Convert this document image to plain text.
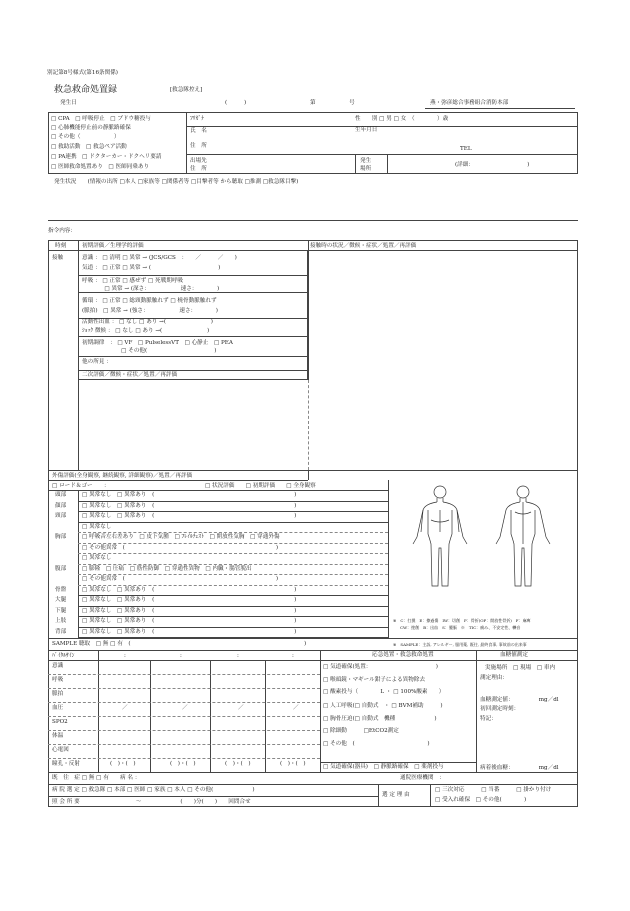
別記第8号様式(第16条関係)
救急救命処置録	[救急隊控え]
発生日	(　　　)	第　　　　　　号	燕・弥彦総合事務組合消防本部
□ CPA　□ 呼吸停止　□ ブドウ糖投与
□ 心肺機能停止前の静脈路確保
□ その他（　　　　　　）
□ 救助活動　□ 救急ペア活動
□ PA連携　□ ドクターカー・ドクヘリ要請
□ 医師救命処置あり　□ 医師同乗あり
ﾌﾘｶﾞﾅ
氏　名
住　所
出場先
住　所
性　　別 □ 男 □ 女　（　　　　）歳
生年月日
TEL
発生
場所
(詳細：　　　　　　　　　　)
発生状況　　(情報の出所 □本人 □家族等 □関係者等 □目撃者等 から聴取 □推測 □救急隊目撃)
指令内容：
時刻	初期評価／生理学的評価	接触時の状況／徴候・症状／処置／再評価
接触	意識 ： □ 清明 □ 異常 → (JCS/GCS　：　　／　　　／　　)
気道 ： □ 正常 □ 異常 → (　　　　　　　　　　　　)
呼吸 ： □ 正常 □ 感ぜず □ 死戦期呼吸
　　　　□ 異常 → (深さ：　　　　　　速さ：　　　　)
循環 ： □ 正常 □ 総頸動脈触れず □ 橈骨動脈触れず
(脈拍)　□ 異常 → (強さ：　　　　　　速さ：　　　　)
活動性出血 ： □ なし □ あり →(　　　　　　　　)
ｼｮｯｸ 徴候 ： □ なし □ あり →(　　　　　　　　)
初期調律　： □ VF　□ PulselessVT　□ 心静止　□ PEA
　　　　　　　□ その他(　　　　　　　　　　　　)
他の所見 ：
二次評価／徴候・症状／処置／再評価
外傷評価(全身観察, 継続観察, 詳細観察)／処置／再評価
□ ロード＆ゴー　　：	□ 状況評価　　□ 初期評価　　□ 全身観察
頭部	□ 異常なし　□ 異常あり　(　　　　　　　　　　　　　　　　　　　　　　　　　)
顔部	□ 異常なし　□ 異常あり　(　　　　　　　　　　　　　　　　　　　　　　　　　)
頸部	□ 異常なし　□ 異常あり　(　　　　　　　　　　　　　　　　　　　　　　　　　)
□ 異常なし
胸部	□ 呼吸音左右差あり　□ 皮下気腫　□ ﾌﾚｲﾙﾁｪｽﾄ　□ 開放性気胸　□ 穿通外傷
□ その他異常　(　　　　　　　　　　　　　　　　　　　　　　　　　　　)
□ 異常なし
腹部	□ 膨隆　□ 圧痛　□ 筋性防御　□ 穿通性異物　□ 内臓・腸管脱出
□ その他異常　(　　　　　　　　　　　　　　　　　　　　　　　　　　　)
骨盤	□ 異常なし　□ 異常あり　(　　　　　　　　　　　　　　　　　　　　　　　　　)
大腿	□ 異常なし　□ 異常あり　(　　　　　　　　　　　　　　　　　　　　　　　　　)
下腿	□ 異常なし　□ 異常あり　(　　　　　　　　　　　　　　　　　　　　　　　　　)
上肢	□ 異常なし　□ 異常あり　(　　　　　　　　　　　　　　　　　　　　　　　　　)
背部	□ 異常なし　□ 異常あり　(　　　　　　　　　　　　　　　　　　　　　　　　　)
SAMPLE 聴取　□ 無 □ 有　(　　　　　　　　　　　　　　　　　　　　　　　　　　　　　　　)
※　C：打撲　E：擦過傷　IW：切創　P：骨折(OP：開放性骨折)　F：麻痺
CW：挫創　B：出血　S：腫脹　※　TIC：痛み、不安定性、轢音
※　SAMPLE：主訴, アレルギー, 服用薬, 既往, 最終食事, 事故前の出来事
ﾊﾞｲﾀﾙｻｲﾝ	:	:	:	:	応急処置・救急救命処置	血糖値測定
意識
呼吸
脈拍
血圧	／	／	／	／
SPO2
体温
心電図
瞳孔・反射	(　)・(　)	(　)・(　)	(　)・(　)	(　)・(　)
□ 気道確保(処置：　　　　　　　　　　　　)
□ 喉頭鏡・マギール鉗子による異物除去
□ 酸素投与（　　　　L ・ □ 100%酸素　　）
□ 人工呼吸(□ 自動式　・ □ BVM補助　　　)
□ 胸骨圧迫(□ 自動式　機種　　　　　　　)
□ 除細動　　　□EtCO2測定
□ その他　(　　　　　　　　　　　　　)
□ 気道確保(器具)　□ 静脈路確保　□ 薬剤投与
実施場所　□ 現場　□ 車内
測定理由：
血糖測定値：　　　　　mg／dl
初回測定時刻：
特記：
病着後血糖：　　　　　mg／dl
既　往　症 □ 無 □ 有　　病 名 ：	通院医療機関　：
病 院 選 定 □ 救急隊 □ 本部 □ 医師 □ 家族 □ 本人 □ その他(　　　　　　　)
選 定 理 由
□ 三次対応　　　□ 当番　　　□ 掛かり付け
□ 受入れ確保　□ その他(　　　　)
照 会 所 要　　　　　　　　　　～　　　　　　　(　　)分(　　)　　回問合せ
